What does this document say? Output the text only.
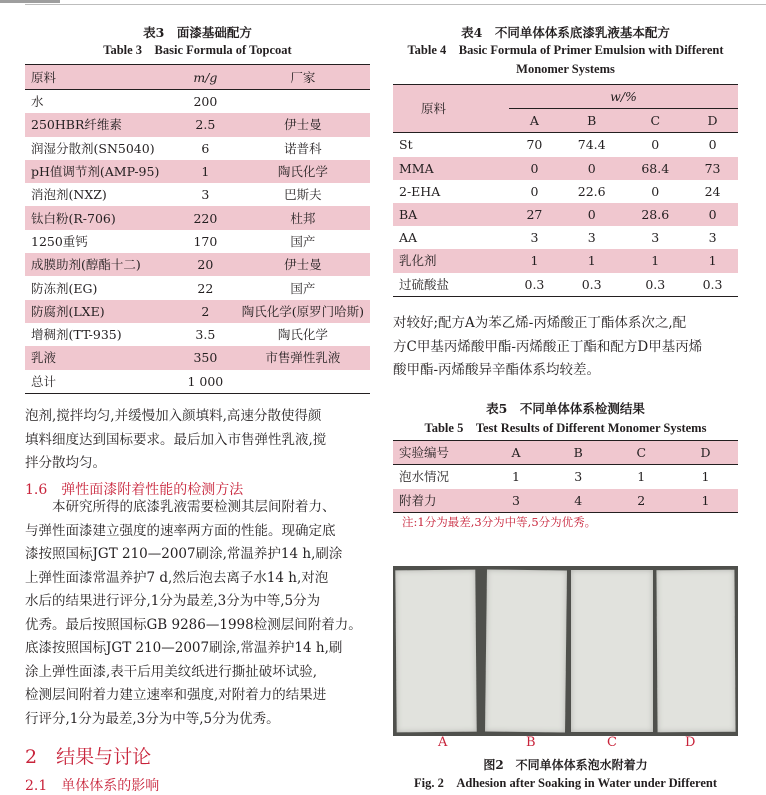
表3　面漆基础配方
Table 3　Basic Formula of Topcoat
原料	m/g	厂家
水	200	
250HBR纤维素	2.5	伊士曼
润湿分散剂(SN5040)	6	诺普科
pH值调节剂(AMP-95)	1	陶氏化学
消泡剂(NXZ)	3	巴斯夫
钛白粉(R-706)	220	杜邦
1250重钙	170	国产
成膜助剂(醇酯十二)	20	伊士曼
防冻剂(EG)	22	国产
防腐剂(LXE)	2	陶氏化学(原罗门哈斯)
增稠剂(TT-935)	3.5	陶氏化学
乳液	350	市售弹性乳液
总计	1 000	
表4　不同单体体系底漆乳液基本配方
Table 4　Basic Formula of Primer Emulsion with Different
Monomer Systems
原料	w/%			
	A	B	C	D
St	70	74.4	0	0
MMA	0	0	68.4	73
2-EHA	0	22.6	0	24
BA	27	0	28.6	0
AA	3	3	3	3
乳化剂	1	1	1	1
过硫酸盐	0.3	0.3	0.3	0.3
对较好;配方A为苯乙烯-丙烯酸正丁酯体系次之,配
方C甲基丙烯酸甲酯-丙烯酸正丁酯和配方D甲基丙烯
酸甲酯-丙烯酸异辛酯体系均较差。
表5　不同单体体系检测结果
Table 5　Test Results of Different Monomer Systems
实验编号	A	B	C	D
泡水情况	1	3	1	1
附着力	3	4	2	1
注:1分为最差,3分为中等,5分为优秀。
泡剂,搅拌均匀,并缓慢加入颜填料,高速分散使得颜
填料细度达到国标要求。最后加入市售弹性乳液,搅
拌分散均匀。
1.6　弹性面漆附着性能的检测方法
　　本研究所得的底漆乳液需要检测其层间附着力、
与弹性面漆建立强度的速率两方面的性能。现确定底
漆按照国标JGT 210—2007刷涂,常温养护14 h,刷涂
上弹性面漆常温养护7 d,然后泡去离子水14 h,对泡
水后的结果进行评分,1分为最差,3分为中等,5分为
优秀。最后按照国标GB 9286—1998检测层间附着力。
底漆按照国标JGT 210—2007刷涂,常温养护14 h,刷
涂上弹性面漆,表干后用美纹纸进行撕扯破坏试验,
检测层间附着力建立速率和强度,对附着力的结果进
行评分,1分为最差,3分为中等,5分为优秀。
2　结果与讨论
2.1　单体体系的影响
A	B	C	D
图2　不同单体体系泡水附着力
Fig. 2　Adhesion after Soaking in Water under Different
